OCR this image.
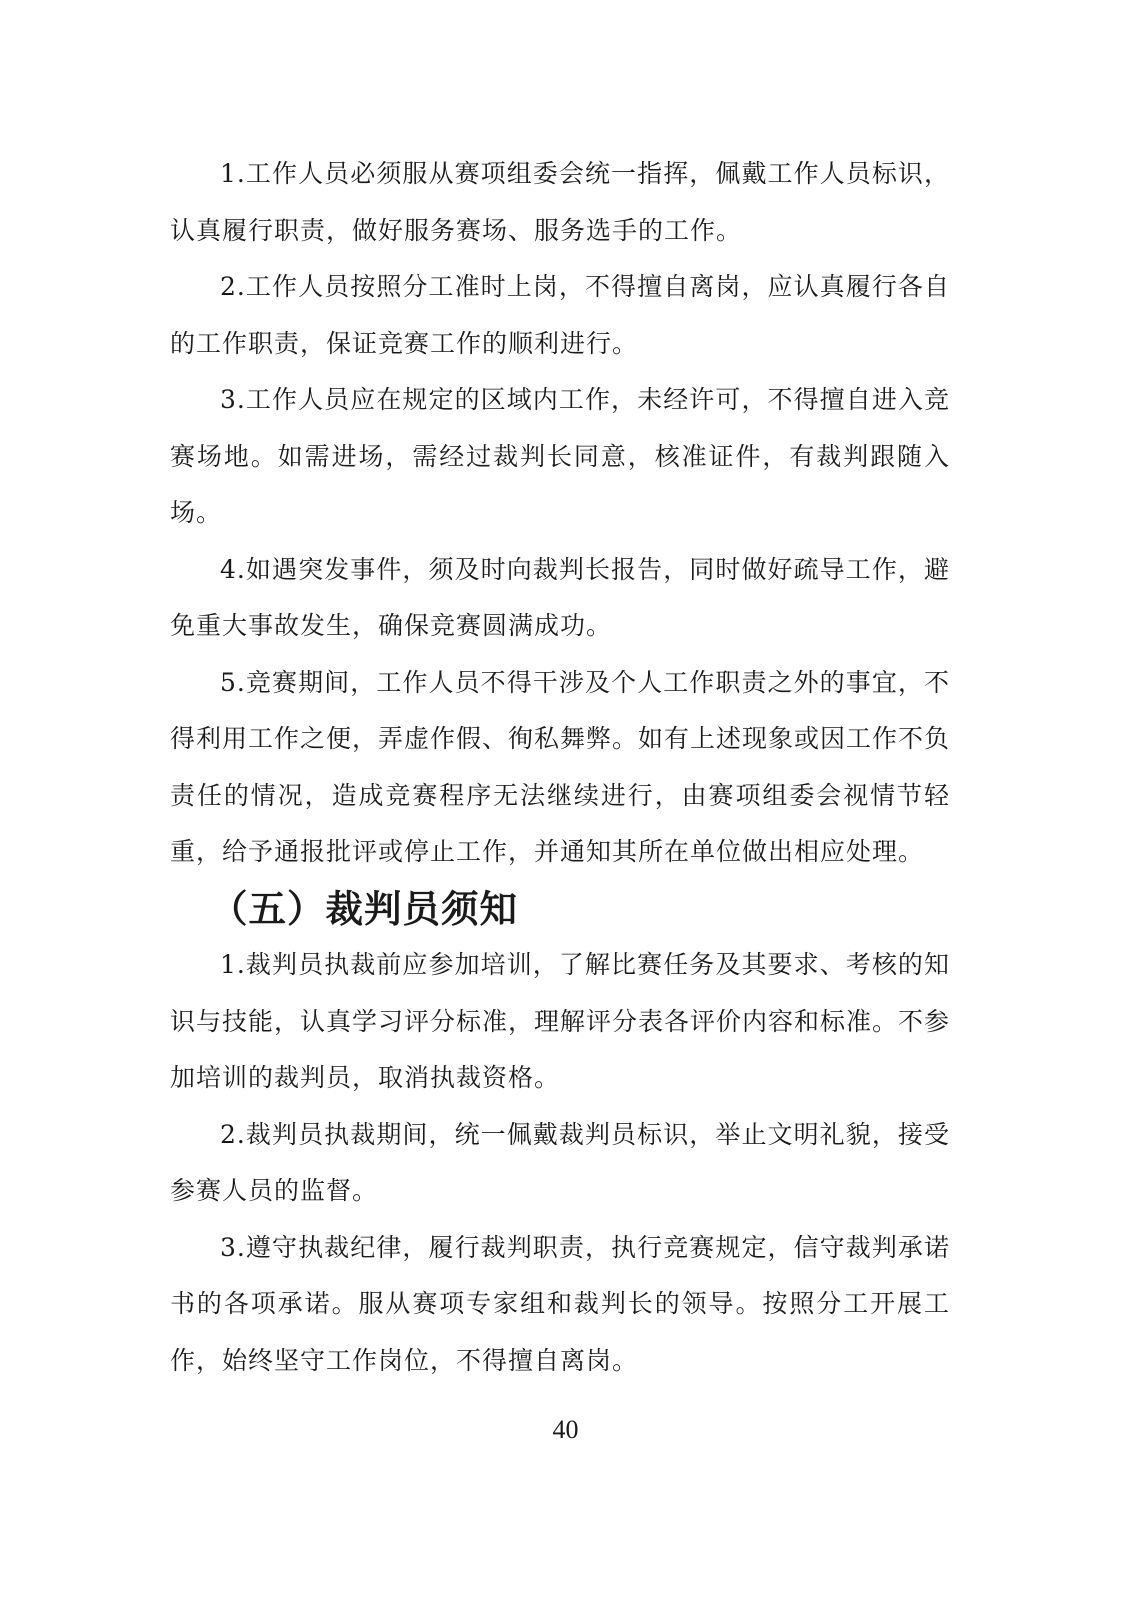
1.工作人员必须服从赛项组委会统一指挥，佩戴工作人员标识，认真履行职责，做好服务赛场、服务选手的工作。

2.工作人员按照分工准时上岗，不得擅自离岗，应认真履行各自的工作职责，保证竞赛工作的顺利进行。

3.工作人员应在规定的区域内工作，未经许可，不得擅自进入竞赛场地。如需进场，需经过裁判长同意，核准证件，有裁判跟随入场。

4.如遇突发事件，须及时向裁判长报告，同时做好疏导工作，避免重大事故发生，确保竞赛圆满成功。

5.竞赛期间，工作人员不得干涉及个人工作职责之外的事宜，不得利用工作之便，弄虚作假、徇私舞弊。如有上述现象或因工作不负责任的情况，造成竞赛程序无法继续进行，由赛项组委会视情节轻重，给予通报批评或停止工作，并通知其所在单位做出相应处理。

（五）裁判员须知

1.裁判员执裁前应参加培训，了解比赛任务及其要求、考核的知识与技能，认真学习评分标准，理解评分表各评价内容和标准。不参加培训的裁判员，取消执裁资格。

2.裁判员执裁期间，统一佩戴裁判员标识，举止文明礼貌，接受参赛人员的监督。

3.遵守执裁纪律，履行裁判职责，执行竞赛规定，信守裁判承诺书的各项承诺。服从赛项专家组和裁判长的领导。按照分工开展工作，始终坚守工作岗位，不得擅自离岗。

40
